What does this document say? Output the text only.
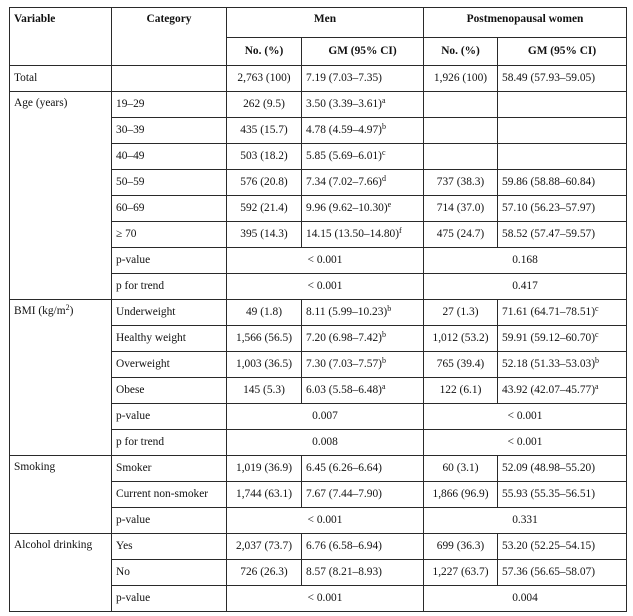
Variable	Category	Men		Postmenopausal women	
		No. (%)	GM (95% CI)	No. (%)	GM (95% CI)
Total		2,763 (100)	7.19 (7.03–7.35)	1,926 (100)	58.49 (57.93–59.05)
Age (years)	19–29	262 (9.5)	3.50 $(3.39-3.61)^a$		
	30–39	435 (15.7)	4.78 $(4.59-4.97)^b$		
	40–49	503 (18.2)	5.85 $(5.69-6.01)^c$		
	50–59	576 (20.8)	7.34 $(7.02-7.66)^d$	737 (38.3)	59.86 (58.88–60.84)
	60–69	592 (21.4)	9.96 $(9.62-10.30)^e$	714 (37.0)	57.10 (56.23–57.97)
	≥ 70	395 (14.3)	14.15 $(13.50-14.80)^f$	475 (24.7)	58.52 (57.47–59.57)
	p-value	< 0.001		0.168	
	p for trend	< 0.001		0.417	
BMI $(kg/m^2)$	Underweight	49 (1.8)	8.11 $(5.99-10.23)^b$	27 (1.3)	71.61 $(64.71-78.51)^c$
	Healthy weight	1,566 (56.5)	7.20 $(6.98-7.42)^b$	1,012 (53.2)	59.91 $(59.12-60.70)^c$
	Overweight	1,003 (36.5)	7.30 $(7.03-7.57)^b$	765 (39.4)	52.18 $(51.33-53.03)^b$
	Obese	145 (5.3)	6.03 $(5.58-6.48)^a$	122 (6.1)	43.92 $(42.07-45.77)^a$
	p-value	0.007		< 0.001	
	p for trend	0.008		< 0.001	
Smoking	Smoker	1,019 (36.9)	6.45 (6.26–6.64)	60 (3.1)	52.09 (48.98–55.20)
	Current non-smoker	1,744 (63.1)	7.67 (7.44–7.90)	1,866 (96.9)	55.93 (55.35–56.51)
	p-value	< 0.001		0.331	
Alcohol drinking	Yes	2,037 (73.7)	6.76 (6.58–6.94)	699 (36.3)	53.20 (52.25–54.15)
	No	726 (26.3)	8.57 (8.21–8.93)	1,227 (63.7)	57.36 (56.65–58.07)
	p-value	< 0.001		0.004	
